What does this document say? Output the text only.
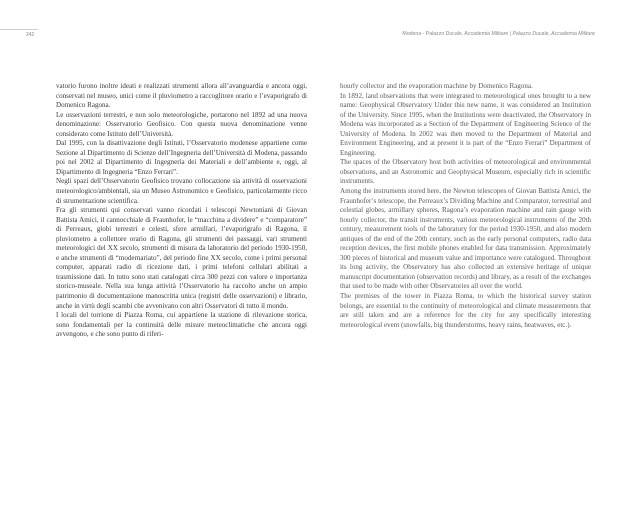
242	Modena - Palazzo Ducale, Accademia Militare | Palazzo Ducale, Accademia Militare

vatorio furono inoltre ideati e realizzati strumenti allora all’avanguardia e ancora oggi, conservati nel museo, unici come il pluviometro a raccoglitore orario e l’evaporigrafo di Domenico Ragona.

Le osservazioni terrestri, e non solo meteorologiche, portarono nel 1892 ad una nuova denominazione: Osservatorio Geofisico. Con questa nuova denominazione venne considerato come Istituto dell’Università.

Dal 1995, con la disattivazione degli Istituti, l’Osservatorio modenese appartiene come Sezione al Dipartimento di Scienze dell’Ingegneria dell’Università di Modena, passando poi nel 2002 al Dipartimento di Ingegneria dei Materiali e dell’ambiente e, oggi, al Dipartimento di Ingegneria “Enzo Ferrari”.

Negli spazi dell’Osservatorio Geofisico trovano collocazione sia attività di osservazioni meteorologico/ambientali, sia un Museo Astronomico e Geofisico, particolarmente ricco di strumentazione scientifica.

Fra gli strumenti qui conservati vanno ricordati i telescopi Newtoniani di Giovan Battista Amici, il cannocchiale di Fraunhofer, le “macchina a dividere” e “comparatore” di Perreaux, globi terrestri e celesti, sfere armillari, l’evaporigrafo di Ragona, il pluviometro a collettore orario di Ragona, gli strumenti dei passaggi, vari strumenti meteorologici del XX secolo, strumenti di misura da laboratorio del periodo 1930-1950, e anche strumenti di “modernariato”, del periodo fine XX secolo, come i primi personal computer, apparati radio di ricezione dati, i primi telefoni cellulari abilitati a trasmissione dati. In tutto sono stati catalogati circa 300 pezzi con valore e importanza storico-museale. Nella sua lunga attività l’Osservatorio ha raccolto anche un ampio patrimonio di documentazione manoscritta unica (registri delle osservazioni) e librario, anche in virtù degli scambi che avvenivano con altri Osservatori di tutto il mondo.

I locali del torrione di Piazza Roma, cui appartiene la stazione di rilevazione storica, sono fondamentali per la continuità delle misure meteoclimatiche che ancora oggi avvengono, e che sono punto di riferi-

hourly collector and the evaporation machine by Domenico Ragona.

In 1892, land observations that were integrated to meteorological ones brought to a new name: Geophysical Observatory Under this new name, it was considered an Institution of the University. Since 1995, when the Institutions were deactivated, the Observatory in Modena was incorporated as a Section of the Department of Engineering Science of the University of Modena. In 2002 was then moved to the Department of Material and Environment Engineering, and at present it is part of the “Enzo Ferrari” Department of Engineering.

The spaces of the Observatory host both activities of meteorological and environmental observations, and an Astronomic and Geophysical Museum, especially rich in scientific instruments.

Among the instruments stored here, the Newton telescopes of Giovan Battista Amici, the Fraunhofer’s telescope, the Perreaux’s Dividing Machine and Comparator, terrestrial and celestial globes, armillary spheres, Ragona’s evaporation machine and rain gauge with hourly collector, the transit instruments, various meteorological instruments of the 20th century, measurement tools of the laboratory for the period 1930-1950, and also modern antiques of the end of the 20th century, such as the early personal computers, radio data reception devices, the first mobile phones enabled for data transmission. Approximately 300 pieces of historical and museum value and importance were catalogued. Throughout its long activity, the Observatory has also collected an extensive heritage of unique manuscript documentation (observation records) and library, as a result of the exchanges that used to be made with other Observatories all over the world.

The premises of the tower in Piazza Roma, to which the historical survey station belongs, are essential to the continuity of meteorological and climate measurements that are still taken and are a reference for the city for any specifically interesting meteorological event (snowfalls, big thunderstorms, heavy rains, heatwaves, etc.).
